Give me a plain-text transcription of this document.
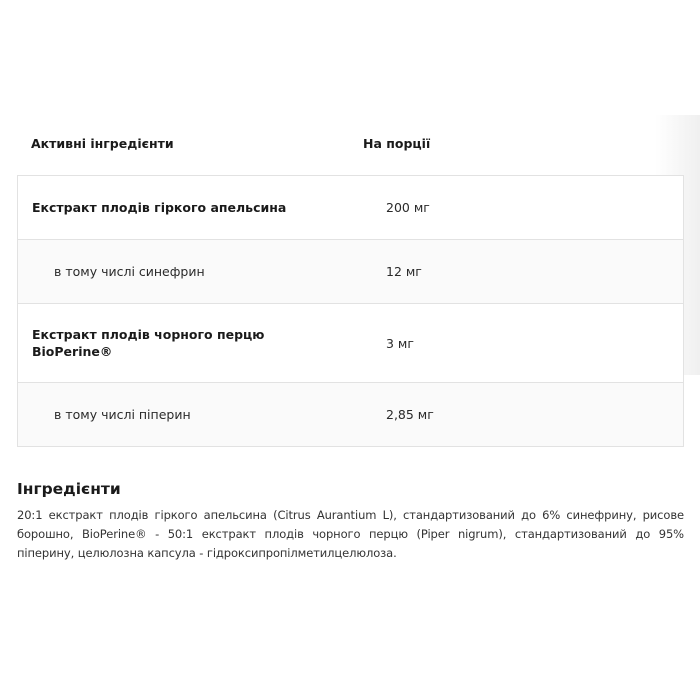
Активні інгредієнти	На порції
Екстракт плодів гіркого апельсина	200 мг
в тому числі синефрин	12 мг

Екстракт плодів чорного перцю
BioPerine®	3 мг
в тому числі піперин	2,85 мг
Інгредієнти
20:1 екстракт плодів гіркого апельсина (Citrus Aurantium L), стандартизований до 6% синефрину, рисове борошно, BioPerine® - 50:1 екстракт плодів чорного перцю (Piper nigrum), стандартизований до 95% піперину, целюлозна капсула - гідроксипропілметилцелюлоза.
